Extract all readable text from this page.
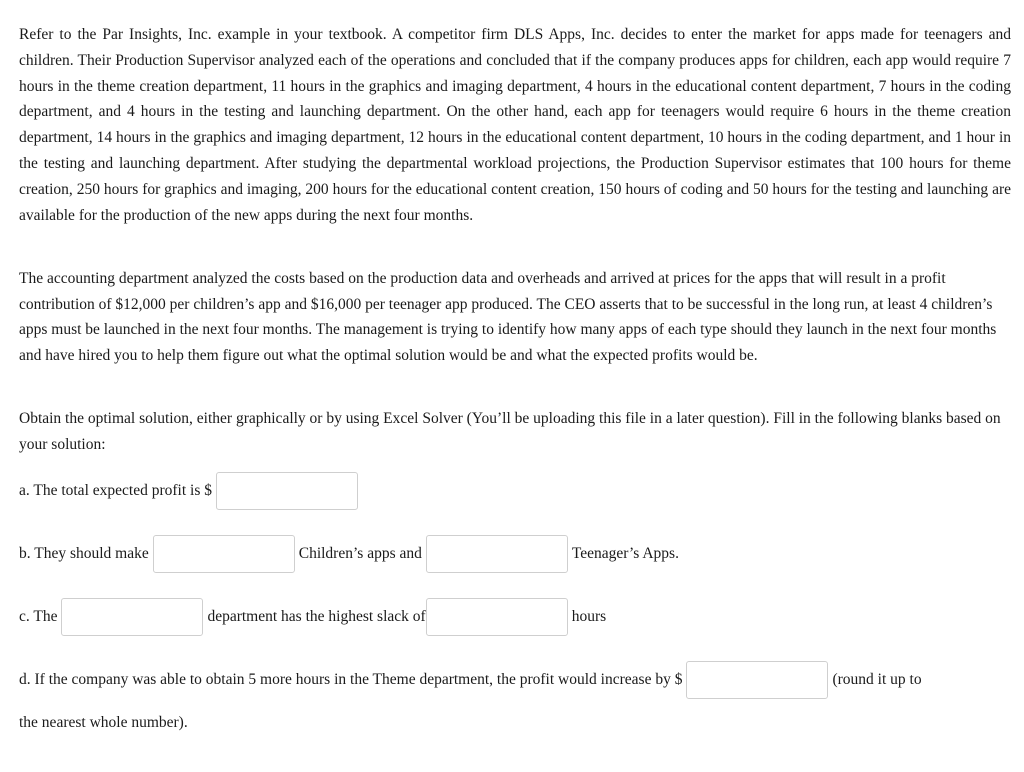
Refer to the Par Insights, Inc. example in your textbook. A competitor firm DLS Apps, Inc. decides to enter the market for apps made for teenagers and children. Their Production Supervisor analyzed each of the operations and concluded that if the company produces apps for children, each app would require 7 hours in the theme creation department, 11 hours in the graphics and imaging department, 4 hours in the educational content department, 7 hours in the coding department, and 4 hours in the testing and launching department. On the other hand, each app for teenagers would require 6 hours in the theme creation department, 14 hours in the graphics and imaging department, 12 hours in the educational content department, 10 hours in the coding department, and 1 hour in the testing and launching department. After studying the departmental workload projections, the Production Supervisor estimates that 100 hours for theme creation, 250 hours for graphics and imaging, 200 hours for the educational content creation, 150 hours of coding and 50 hours for the testing and launching are available for the production of the new apps during the next four months.

The accounting department analyzed the costs based on the production data and overheads and arrived at prices for the apps that will result in a profit contribution of $12,000 per children’s app and $16,000 per teenager app produced. The CEO asserts that to be successful in the long run, at least 4 children’s apps must be launched in the next four months. The management is trying to identify how many apps of each type should they launch in the next four months and have hired you to help them figure out what the optimal solution would be and what the expected profits would be.

Obtain the optimal solution, either graphically or by using Excel Solver (You’ll be uploading this file in a later question). Fill in the following blanks based on your solution:

a. The total expected profit is $
b. They should make	Children’s apps and	Teenager’s Apps.
c. The	department has the highest slack of	hours
d. If the company was able to obtain 5 more hours in the Theme department, the profit would increase by $	(round it up to
the nearest whole number).
